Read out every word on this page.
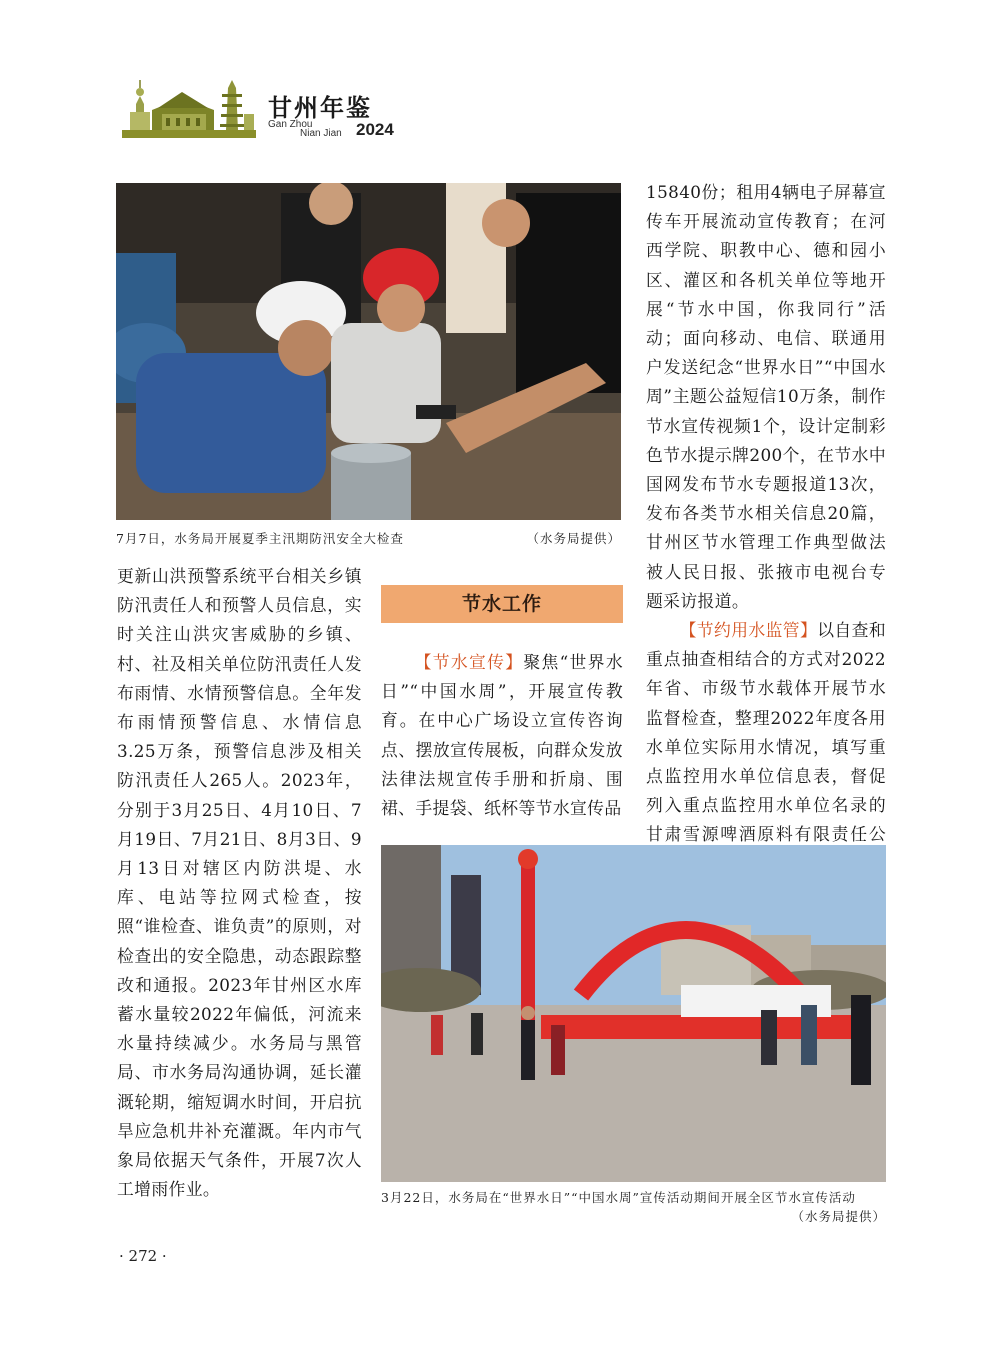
甘州年鉴
Gan Zhou
Nian Jian 2024
7月7日，水务局开展夏季主汛期防汛安全大检查	（水务局提供）

更新山洪预警系统平台相关乡镇防汛责任人和预警人员信息，实时关注山洪灾害威胁的乡镇、村、社及相关单位防汛责任人发布雨情、水情预警信息。全年发布雨情预警信息、水情信息3.25万条，预警信息涉及相关防汛责任人265人。2023年，分别于3月25日、4月10日、7月19日、7月21日、8月3日、9月13日对辖区内防洪堤、水库、电站等拉网式检查，按照“谁检查、谁负责”的原则，对检查出的安全隐患，动态跟踪整改和通报。2023年甘州区水库蓄水量较2022年偏低，河流来水量持续减少。水务局与黑管局、市水务局沟通协调，延长灌溉轮期，缩短调水时间，开启抗旱应急机井补充灌溉。年内市气象局依据天气条件，开展7次人工增雨作业。

节水工作

【节水宣传】聚焦“世界水日”“中国水周”，开展宣传教育。在中心广场设立宣传咨询点、摆放宣传展板，向群众发放法律法规宣传手册和折扇、围裙、手提袋、纸杯等节水宣传品

15840份；租用4辆电子屏幕宣传车开展流动宣传教育；在河西学院、职教中心、德和园小区、灌区和各机关单位等地开展“节水中国，你我同行”活动；面向移动、电信、联通用户发送纪念“世界水日”“中国水周”主题公益短信10万条，制作节水宣传视频1个，设计定制彩色节水提示牌200个，在节水中国网发布节水专题报道13次，发布各类节水相关信息20篇，甘州区节水管理工作典型做法被人民日报、张掖市电视台专题采访报道。

【节约用水监管】以自查和重点抽查相结合的方式对2022年省、市级节水载体开展节水监督检查，整理2022年度各用水单位实际用水情况，填写重点监控用水单位信息表，督促列入重点监控用水单位名录的甘肃雪源啤酒原料有限责任公

3月22日，水务局在“世界水日”“中国水周”宣传活动期间开展全区节水宣传活动
（水务局提供）
· 272 ·
